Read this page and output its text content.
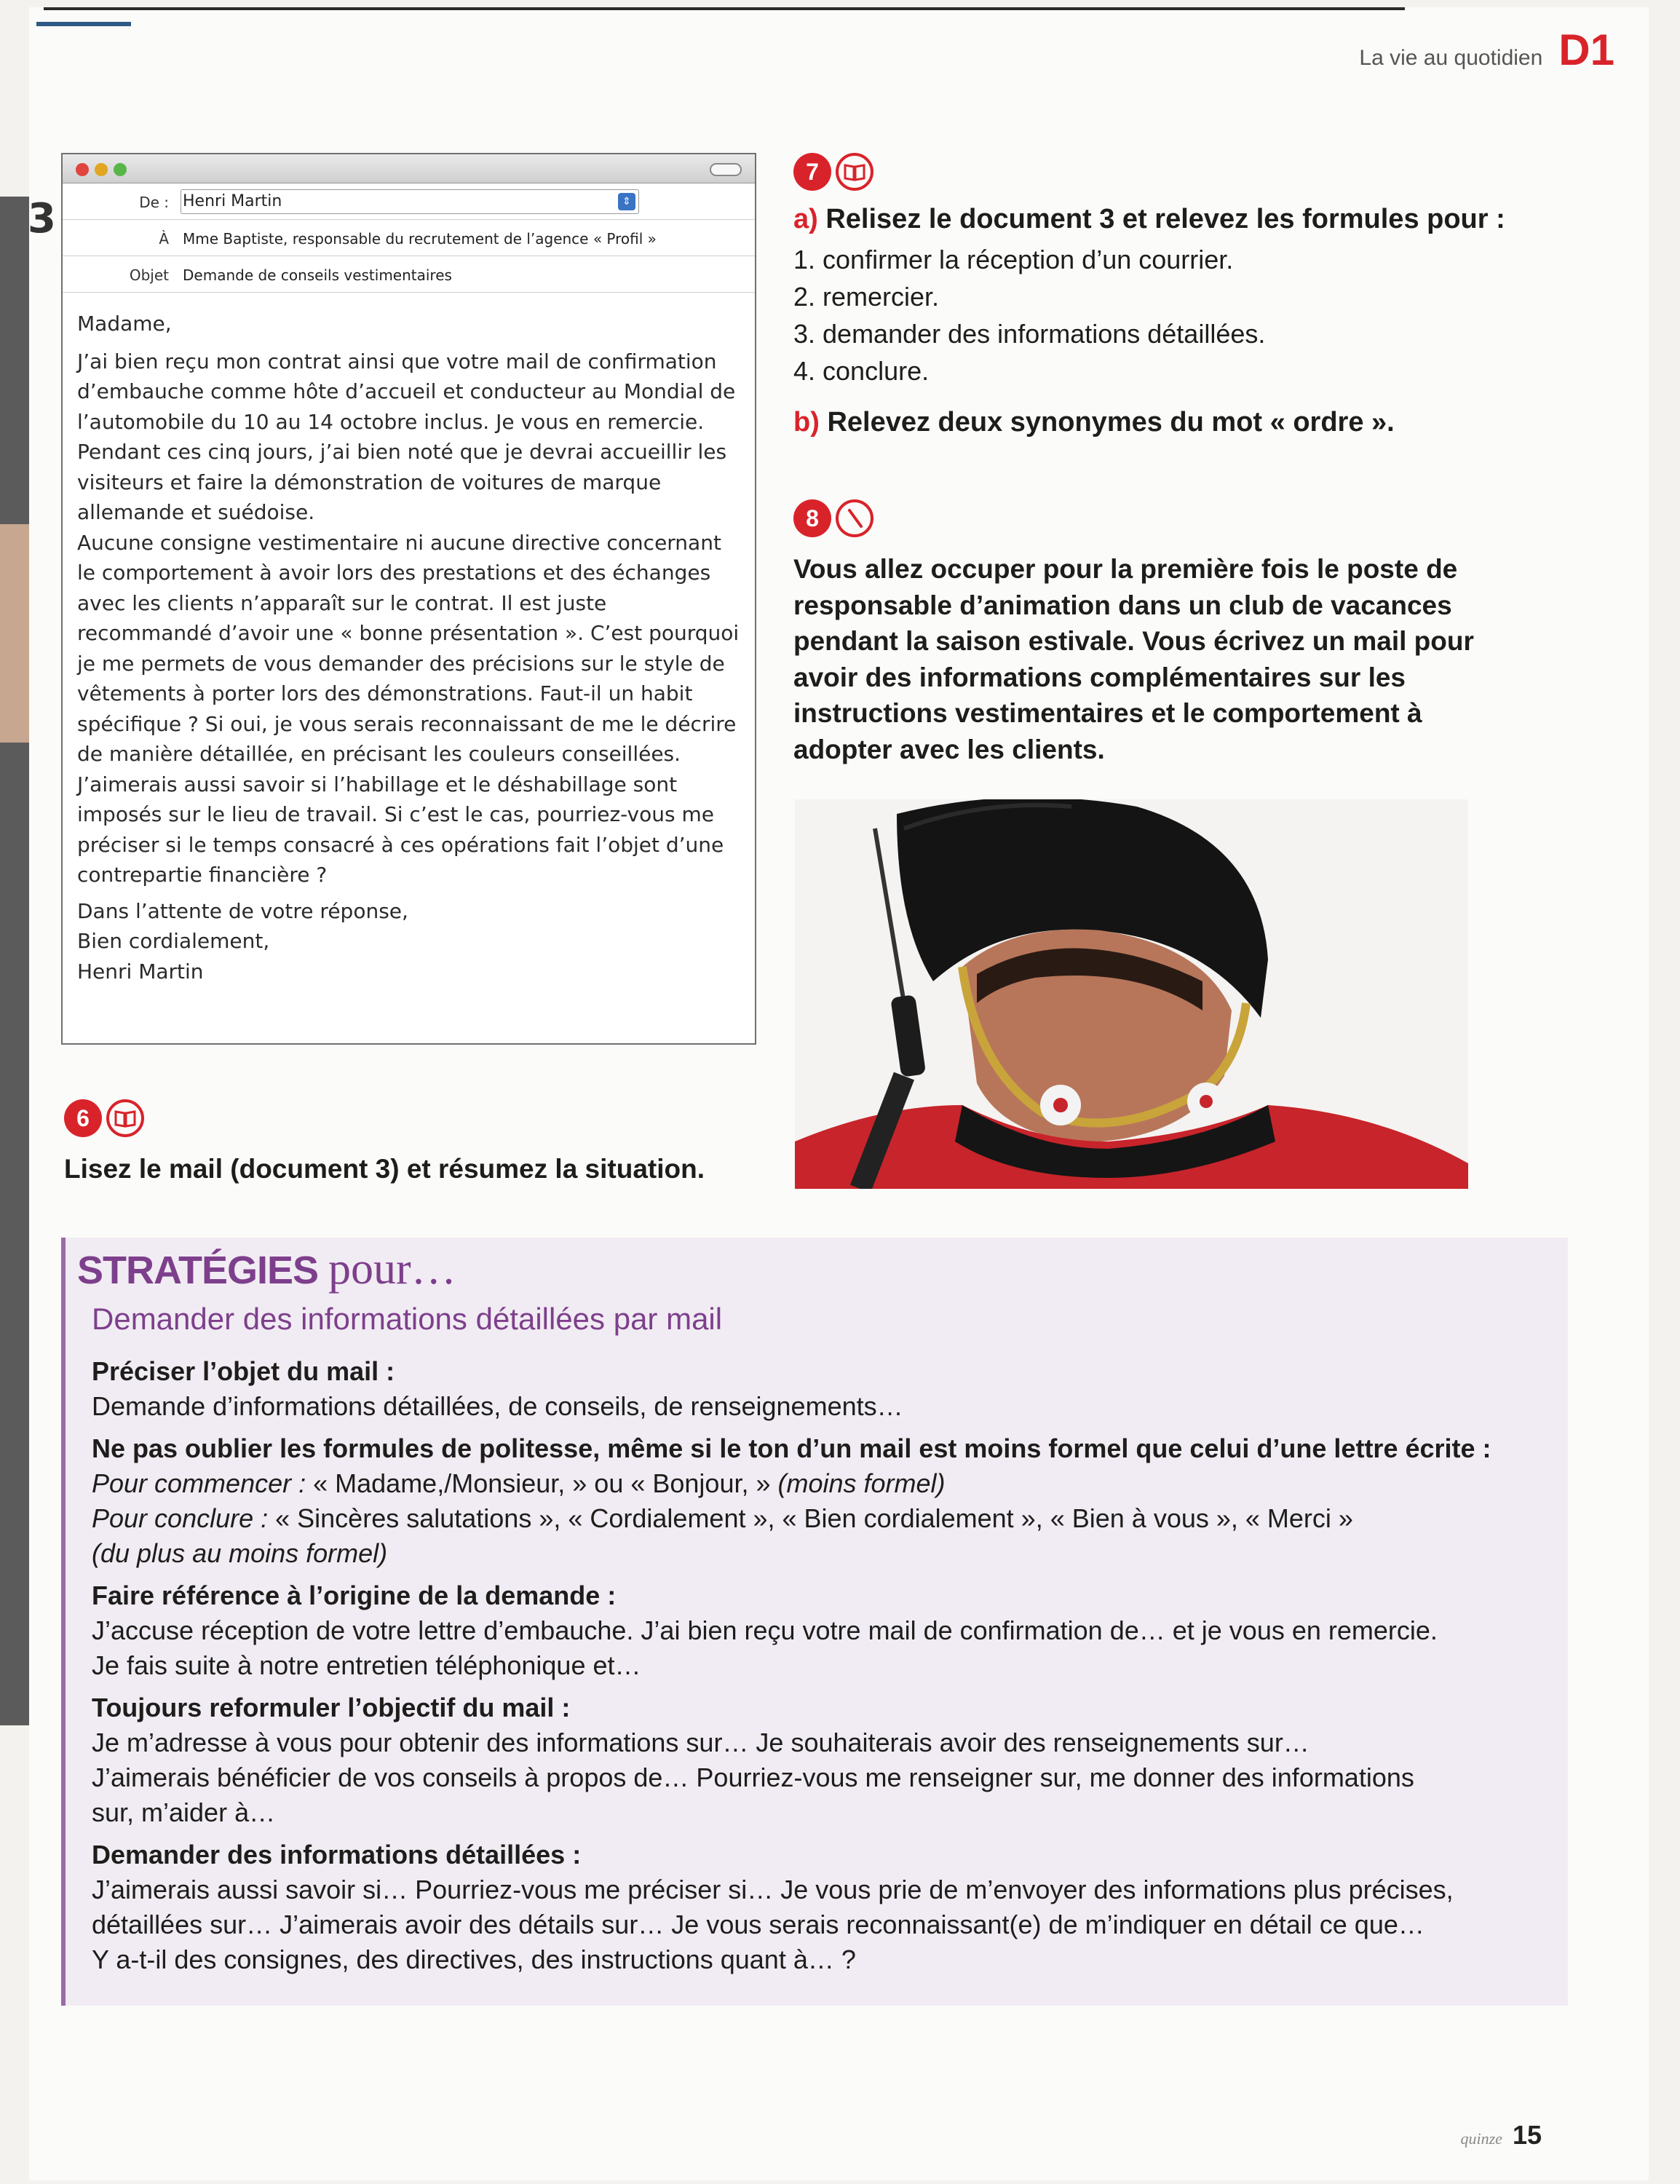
3
La vie au quotidien D1
De :	⇕
Henri Martin
À Mme Baptiste, responsable du recrutement de l’agence « Profil »
Objet Demande de conseils vestimentaires

Madame,

J’ai bien reçu mon contrat ainsi que votre mail de confirmation d’embauche comme hôte d’accueil et conducteur au Mondial de l’automobile du 10 au 14 octobre inclus. Je vous en remercie.

Pendant ces cinq jours, j’ai bien noté que je devrai accueillir les visiteurs et faire la démonstration de voitures de marque allemande et suédoise.

Aucune consigne vestimentaire ni aucune directive concernant le comportement à avoir lors des prestations et des échanges avec les clients n’apparaît sur le contrat. Il est juste recommandé d’avoir une « bonne présentation ». C’est pourquoi je me permets de vous demander des précisions sur le style de vêtements à porter lors des démonstrations. Faut-il un habit spécifique ? Si oui, je vous serais reconnaissant de me le décrire de manière détaillée, en précisant les couleurs conseillées. J’aimerais aussi savoir si l’habillage et le déshabillage sont imposés sur le lieu de travail. Si c’est le cas, pourriez-vous me préciser si le temps consacré à ces opérations fait l’objet d’une contrepartie financière ?

Dans l’attente de votre réponse,

Bien cordialement,

Henri Martin

7
a) Relisez le document 3 et relevez les formules pour :
1. confirmer la réception d’un courrier.
2. remercier.
3. demander des informations détaillées.
4. conclure.
b) Relevez deux synonymes du mot « ordre ».
8
Vous allez occuper pour la première fois le poste de responsable d’animation dans un club de vacances pendant la saison estivale. Vous écrivez un mail pour avoir des informations complémentaires sur les instructions vestimentaires et le comportement à adopter avec les clients.
6
Lisez le mail (document 3) et résumez la situation.
STRATÉGIES pour…
Demander des informations détaillées par mail
Préciser l’objet du mail :
Demande d’informations détaillées, de conseils, de renseignements…
Ne pas oublier les formules de politesse, même si le ton d’un mail est moins formel que celui d’une lettre écrite :
Pour commencer : « Madame,/Monsieur, » ou « Bonjour, » (moins formel)
Pour conclure : « Sincères salutations », « Cordialement », « Bien cordialement », « Bien à vous », « Merci »
(du plus au moins formel)
Faire référence à l’origine de la demande :
J’accuse réception de votre lettre d’embauche. J’ai bien reçu votre mail de confirmation de… et je vous en remercie.
Je fais suite à notre entretien téléphonique et…
Toujours reformuler l’objectif du mail :
Je m’adresse à vous pour obtenir des informations sur… Je souhaiterais avoir des renseignements sur…
J’aimerais bénéficier de vos conseils à propos de… Pourriez-vous me renseigner sur, me donner des informations
sur, m’aider à…
Demander des informations détaillées :
J’aimerais aussi savoir si… Pourriez-vous me préciser si… Je vous prie de m’envoyer des informations plus précises,
détaillées sur… J’aimerais avoir des détails sur… Je vous serais reconnaissant(e) de m’indiquer en détail ce que…
Y a-t-il des consignes, des directives, des instructions quant à… ?
quinze 15
